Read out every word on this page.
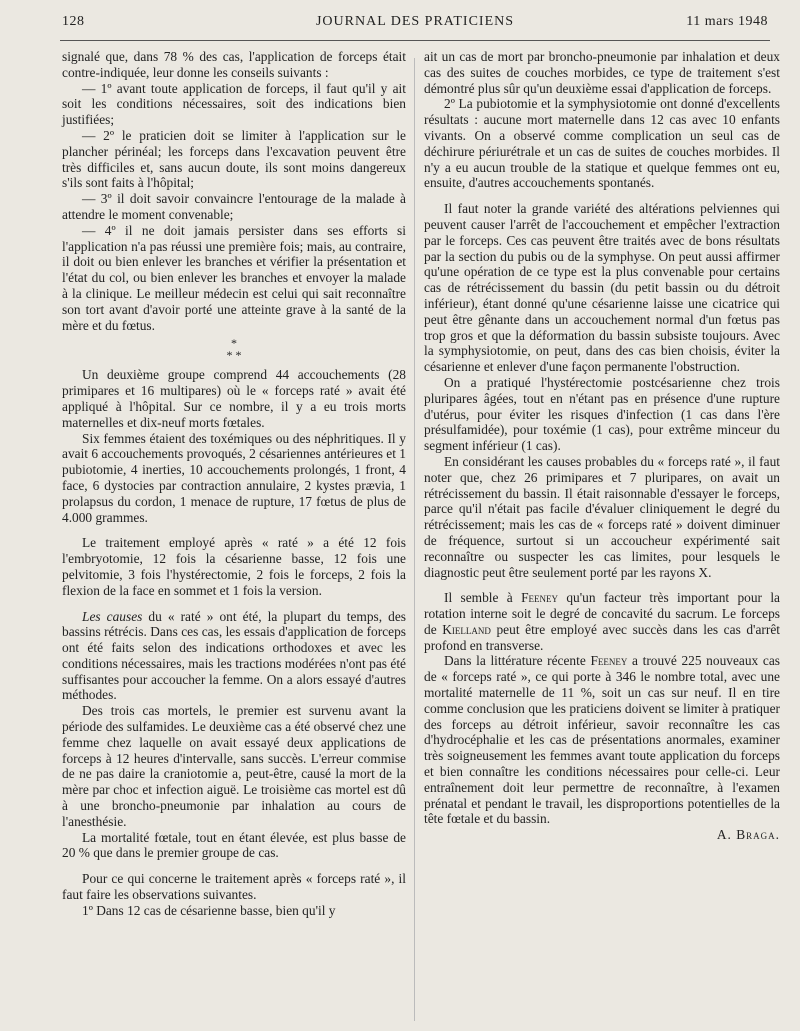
128	JOURNAL DES PRATICIENS	11 mars 1948

signalé que, dans 78 % des cas, l'application de forceps était contre-indiquée, leur donne les conseils suivants :

— 1º avant toute application de forceps, il faut qu'il y ait soit les conditions nécessaires, soit des indications bien justifiées;

— 2º le praticien doit se limiter à l'application sur le plancher périnéal; les forceps dans l'excavation peuvent être très difficiles et, sans aucun doute, ils sont moins dangereux s'ils sont faits à l'hôpital;

— 3º il doit savoir convaincre l'entourage de la malade à attendre le moment convenable;

— 4º il ne doit jamais persister dans ses efforts si l'application n'a pas réussi une première fois; mais, au contraire, il doit ou bien enlever les branches et vérifier la présentation et l'état du col, ou bien enlever les branches et envoyer la malade à la clinique. Le meilleur médecin est celui qui sait reconnaître son tort avant d'avoir porté une atteinte grave à la santé de la mère et du fœtus.

*
* *

Un deuxième groupe comprend 44 accouchements (28 primipares et 16 multipares) où le « forceps raté » avait été appliqué à l'hôpital. Sur ce nombre, il y a eu trois morts maternelles et dix-neuf morts fœtales.

Six femmes étaient des toxémiques ou des néphritiques. Il y avait 6 accouchements provoqués, 2 césariennes antérieures et 1 pubiotomie, 4 inerties, 10 accouchements prolongés, 1 front, 4 face, 6 dystocies par contraction annulaire, 2 kystes prævia, 1 prolapsus du cordon, 1 menace de rupture, 17 fœtus de plus de 4.000 grammes.

Le traitement employé après « raté » a été 12 fois l'embryotomie, 12 fois la césarienne basse, 12 fois une pelvitomie, 3 fois l'hystérectomie, 2 fois le forceps, 2 fois la flexion de la face en sommet et 1 fois la version.

Les causes du « raté » ont été, la plupart du temps, des bassins rétrécis. Dans ces cas, les essais d'application de forceps ont été faits selon des indications orthodoxes et avec les conditions nécessaires, mais les tractions modérées n'ont pas été suffisantes pour accoucher la femme. On a alors essayé d'autres méthodes.

Des trois cas mortels, le premier est survenu avant la période des sulfamides. Le deuxième cas a été observé chez une femme chez laquelle on avait essayé deux applications de forceps à 12 heures d'intervalle, sans succès. L'erreur commise de ne pas daire la craniotomie a, peut-être, causé la mort de la mère par choc et infection aiguë. Le troisième cas mortel est dû à une broncho-pneumonie par inhalation au cours de l'anesthésie.

La mortalité fœtale, tout en étant élevée, est plus basse de 20 % que dans le premier groupe de cas.

Pour ce qui concerne le traitement après « forceps raté », il faut faire les observations suivantes.

1º Dans 12 cas de césarienne basse, bien qu'il y

ait un cas de mort par broncho-pneumonie par inhalation et deux cas des suites de couches morbides, ce type de traitement s'est démontré plus sûr qu'un deuxième essai d'application de forceps.

2º La pubiotomie et la symphysiotomie ont donné d'excellents résultats : aucune mort maternelle dans 12 cas avec 10 enfants vivants. On a observé comme complication un seul cas de déchirure périurétrale et un cas de suites de couches morbides. Il n'y a eu aucun trouble de la statique et quelque femmes ont eu, ensuite, d'autres accouchements spontanés.

Il faut noter la grande variété des altérations pelviennes qui peuvent causer l'arrêt de l'accouchement et empêcher l'extraction par le forceps. Ces cas peuvent être traités avec de bons résultats par la section du pubis ou de la symphyse. On peut aussi affirmer qu'une opération de ce type est la plus convenable pour certains cas de rétrécissement du bassin (du petit bassin ou du détroit inférieur), étant donné qu'une césarienne laisse une cicatrice qui peut être gênante dans un accouchement normal d'un fœtus pas trop gros et que la déformation du bassin subsiste toujours. Avec la symphysiotomie, on peut, dans des cas bien choisis, éviter la césarienne et enlever d'une façon permanente l'obstruction.

On a pratiqué l'hystérectomie postcésarienne chez trois pluripares âgées, tout en n'étant pas en présence d'une rupture d'utérus, pour éviter les risques d'infection (1 cas dans l'ère présulfamidée), pour toxémie (1 cas), pour extrême minceur du segment inférieur (1 cas).

En considérant les causes probables du « forceps raté », il faut noter que, chez 26 primipares et 7 pluripares, on avait un rétrécissement du bassin. Il était raisonnable d'essayer le forceps, parce qu'il n'était pas facile d'évaluer cliniquement le degré du rétrécissement; mais les cas de « forceps raté » doivent diminuer de fréquence, surtout si un accoucheur expérimenté sait reconnaître ou suspecter les cas limites, pour lesquels le diagnostic peut être seulement porté par les rayons X.

Il semble à Feeney qu'un facteur très important pour la rotation interne soit le degré de concavité du sacrum. Le forceps de Kielland peut être employé avec succès dans les cas d'arrêt profond en transverse.

Dans la littérature récente Feeney a trouvé 225 nouveaux cas de « forceps raté », ce qui porte à 346 le nombre total, avec une mortalité maternelle de 11 %, soit un cas sur neuf. Il en tire comme conclusion que les praticiens doivent se limiter à pratiquer des forceps au détroit inférieur, savoir reconnaître les cas d'hydrocéphalie et les cas de présentations anormales, examiner très soigneusement les femmes avant toute application du forceps et bien connaître les conditions nécessaires pour celle-ci. Leur entraînement doit leur permettre de reconnaître, à l'examen prénatal et pendant le travail, les disproportions potentielles de la tête fœtale et du bassin.

A. Braga.
